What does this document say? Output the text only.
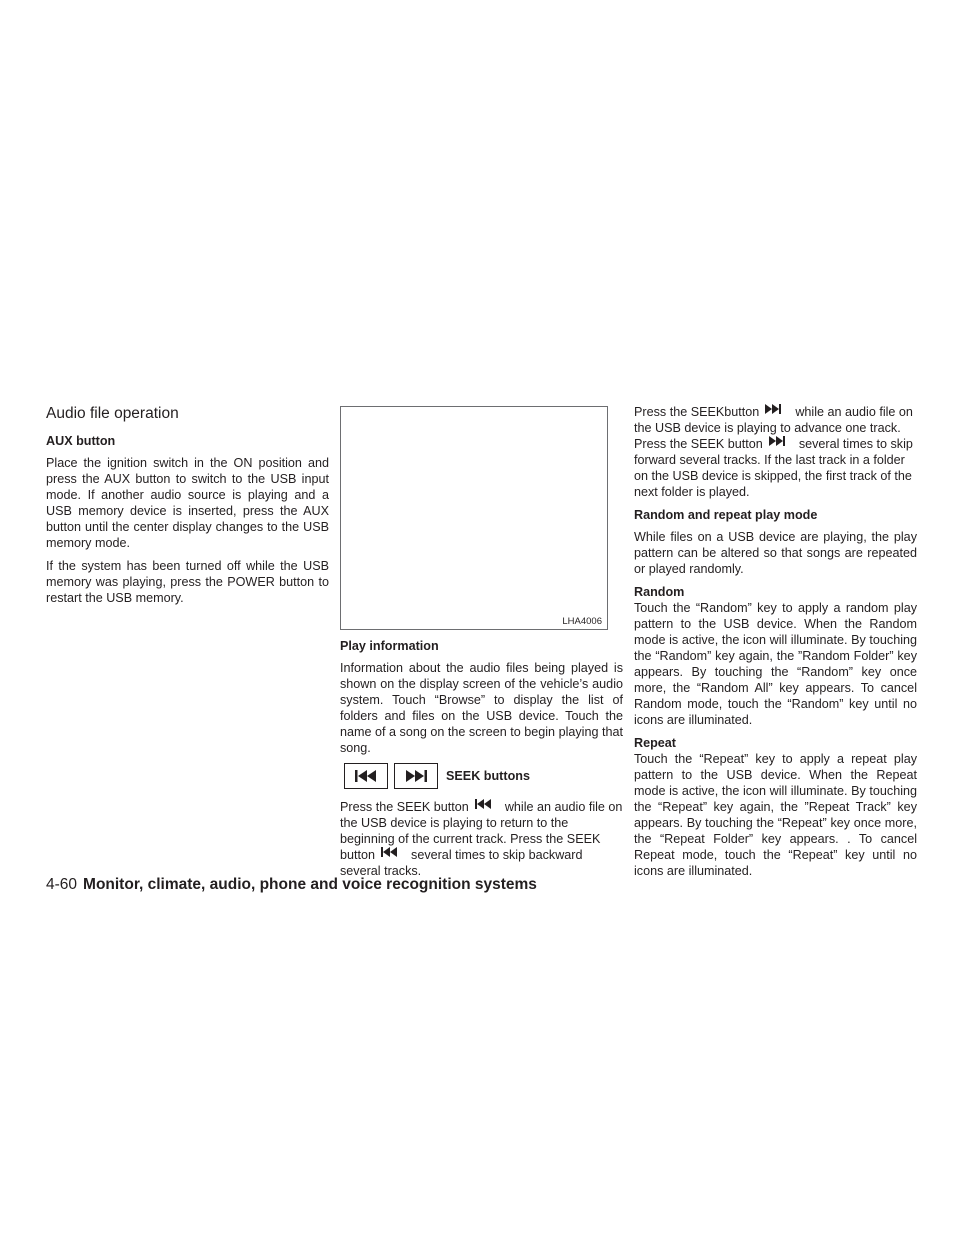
Audio file operation
AUX button

Place the ignition switch in the ON position and press the AUX button to switch to the USB input mode. If another audio source is playing and a USB memory device is inserted, press the AUX button until the center display changes to the USB memory mode.

If the system has been turned off while the USB memory was playing, press the POWER button to restart the USB memory.

LHA4006
Play information

Information about the audio files being played is shown on the display screen of the vehicle’s audio system. Touch “Browse” to display the list of folders and files on the USB device. Touch the name of a song on the screen to begin playing that song.

SEEK buttons

Press the SEEK button	while an audio file on the USB device is playing to return to the beginning of the current track. Press the SEEK button	several times to skip backward several tracks.

Press the SEEKbutton	while an audio file on the USB device is playing to advance one track. Press the SEEK button	several times to skip forward several tracks. If the last track in a folder on the USB device is skipped, the first track of the next folder is played.

Random and repeat play mode

While files on a USB device are playing, the play pattern can be altered so that songs are repeated or played randomly.

Random

Touch the “Random” key to apply a random play pattern to the USB device. When the Random mode is active, the icon will illuminate. By touching the “Random” key again, the ”Random Folder” key appears. By touching the “Random” key once more, the “Random All” key appears. To cancel Random mode, touch the “Random” key until no icons are illuminated.

Repeat

Touch the “Repeat” key to apply a repeat play pattern to the USB device. When the Repeat mode is active, the icon will illuminate. By touching the “Repeat” key again, the ”Repeat Track” key appears. By touching the “Repeat” key once more, the “Repeat Folder” key appears. . To cancel Repeat mode, touch the “Repeat” key until no icons are illuminated.

4-60 Monitor, climate, audio, phone and voice recognition systems
